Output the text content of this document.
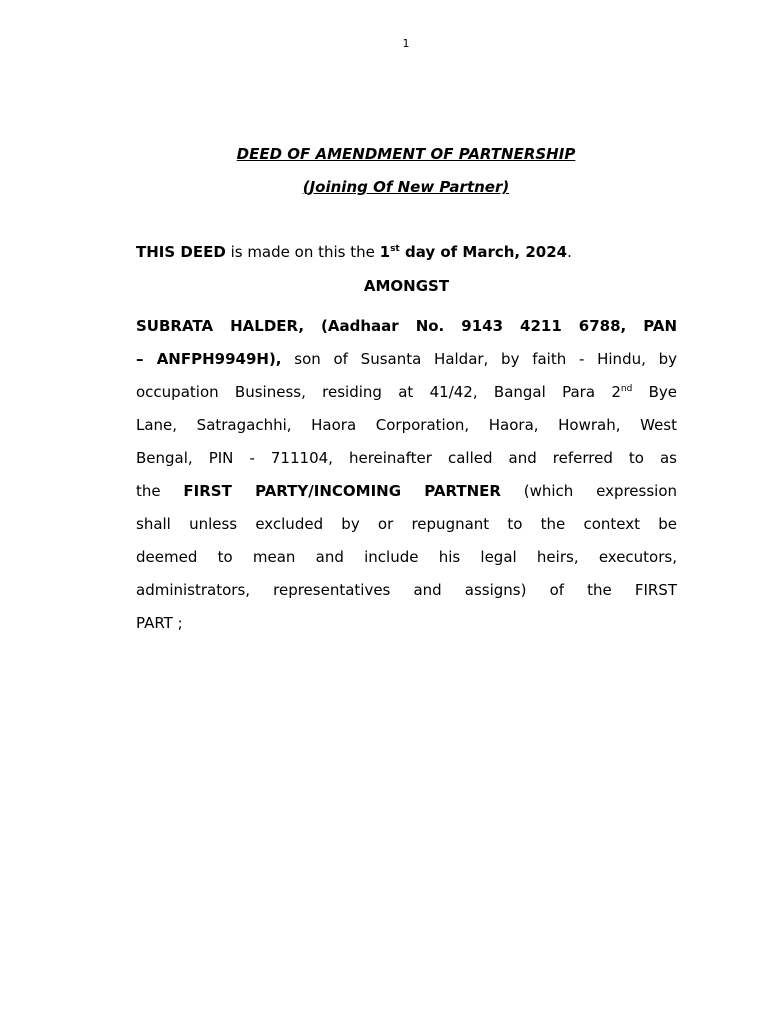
1
DEED OF AMENDMENT OF PARTNERSHIP
(Joining Of New Partner)
THIS DEED is made on this the 1st day of March, 2024.
AMONGST
SUBRATA HALDER, (Aadhaar No. 9143 4211 6788, PAN
– ANFPH9949H), son of Susanta Haldar, by faith - Hindu, by
occupation Business, residing at 41/42, Bangal Para 2nd Bye
Lane, Satragachhi, Haora Corporation, Haora, Howrah, West
Bengal, PIN - 711104, hereinafter called and referred to as
the FIRST PARTY/INCOMING PARTNER (which expression
shall unless excluded by or repugnant to the context be
deemed to mean and include his legal heirs, executors,
administrators, representatives and assigns) of the FIRST
PART ;
